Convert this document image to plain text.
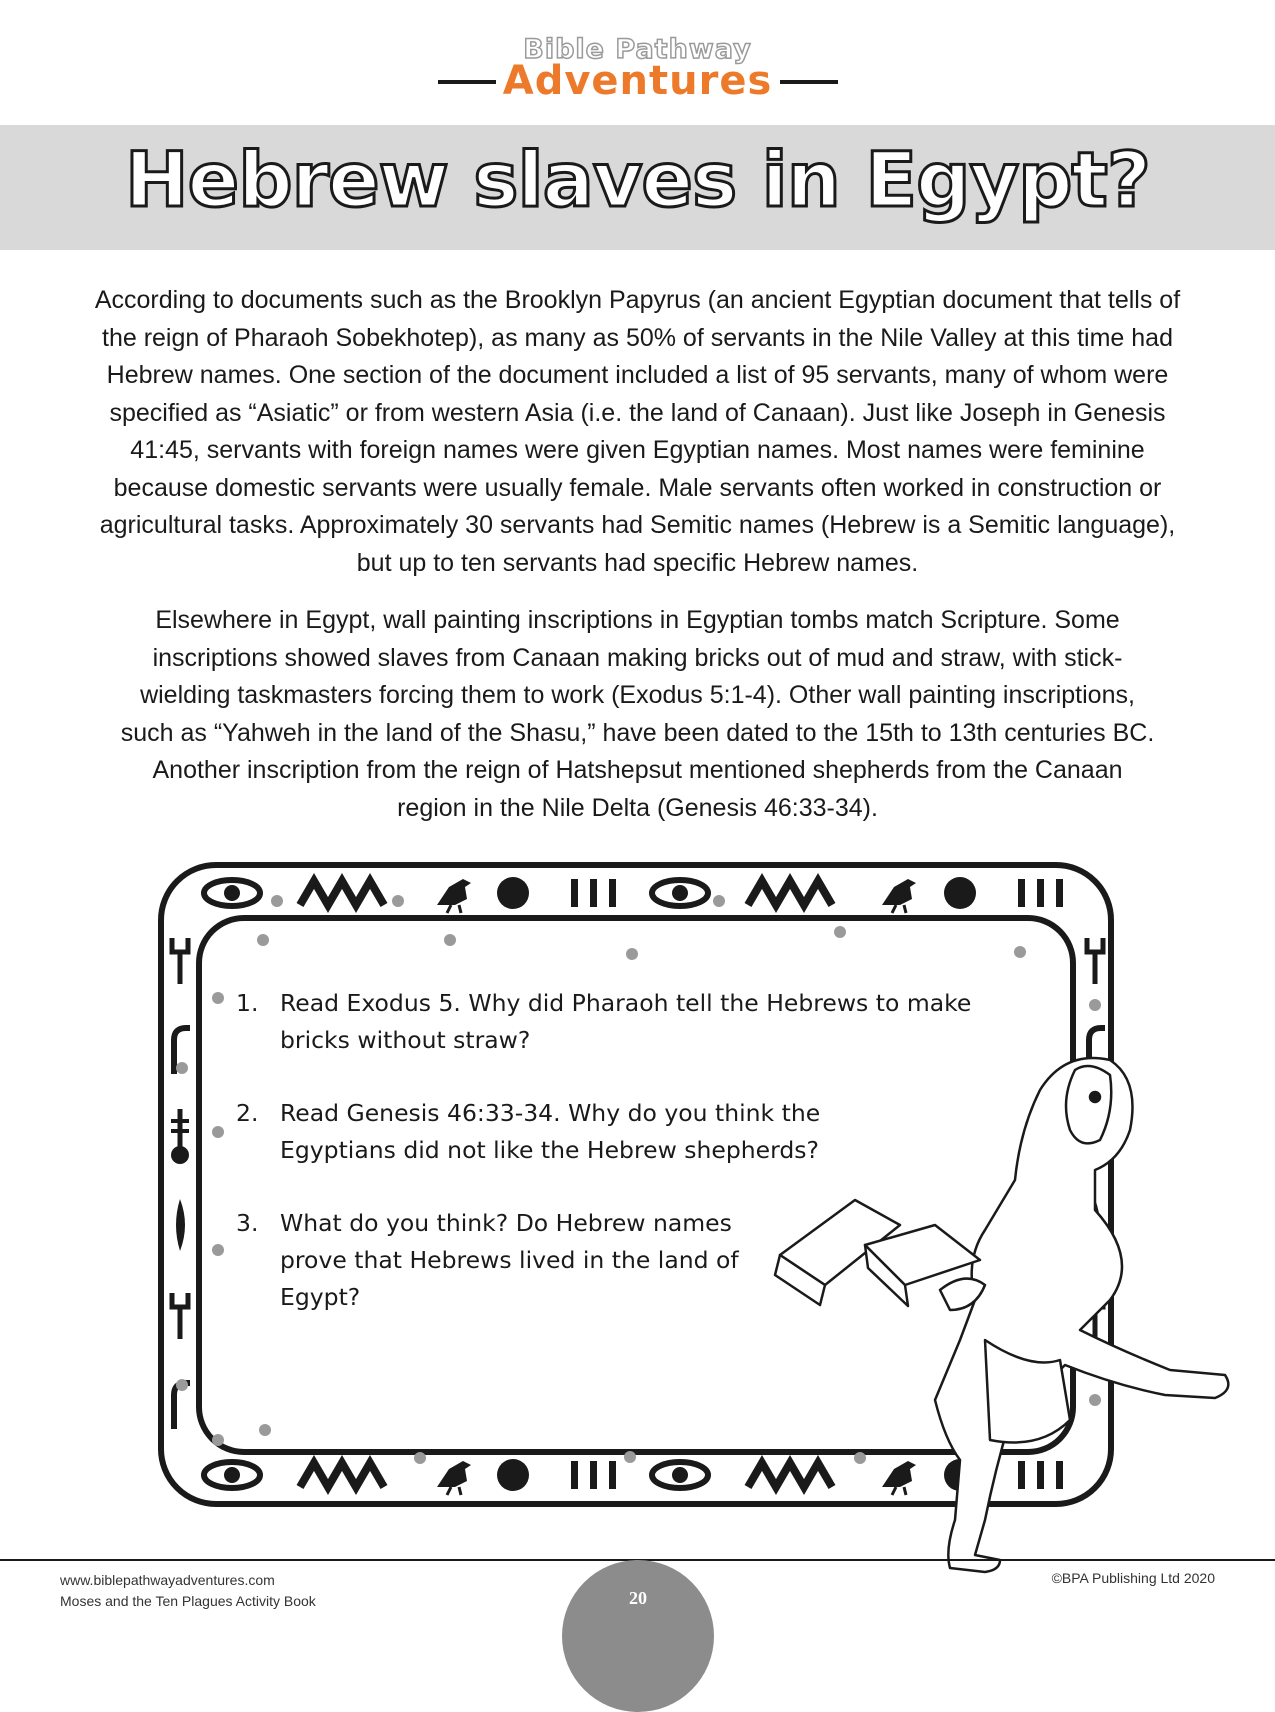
Bible Pathway
Adventures
Hebrew slaves in Egypt?

According to documents such as the Brooklyn Papyrus (an ancient Egyptian document that tells of the reign of Pharaoh Sobekhotep), as many as 50% of servants in the Nile Valley at this time had Hebrew names. One section of the document included a list of 95 servants, many of whom were specified as “Asiatic” or from western Asia (i.e. the land of Canaan). Just like Joseph in Genesis 41:45, servants with foreign names were given Egyptian names. Most names were feminine because domestic servants were usually female. Male servants often worked in construction or agricultural tasks. Approximately 30 servants had Semitic names (Hebrew is a Semitic language), but up to ten servants had specific Hebrew names.

Elsewhere in Egypt, wall painting inscriptions in Egyptian tombs match Scripture. Some inscriptions showed slaves from Canaan making bricks out of mud and straw, with stick-wielding taskmasters forcing them to work (Exodus 5:1-4). Other wall painting inscriptions, such as “Yahweh in the land of the Shasu,” have been dated to the 15th to 13th centuries BC. Another inscription from the reign of Hatshepsut mentioned shepherds from the Canaan region in the Nile Delta (Genesis 46:33-34).

1. Read Exodus 5. Why did Pharaoh tell the Hebrews to make bricks without straw?
2. Read Genesis 46:33-34. Why do you think the Egyptians did not like the Hebrew shepherds?
3. What do you think? Do Hebrew names prove that Hebrews lived in the land of Egypt?
www.biblepathwayadventures.com
Moses and the Ten Plagues Activity Book
©BPA Publishing Ltd 2020
20
